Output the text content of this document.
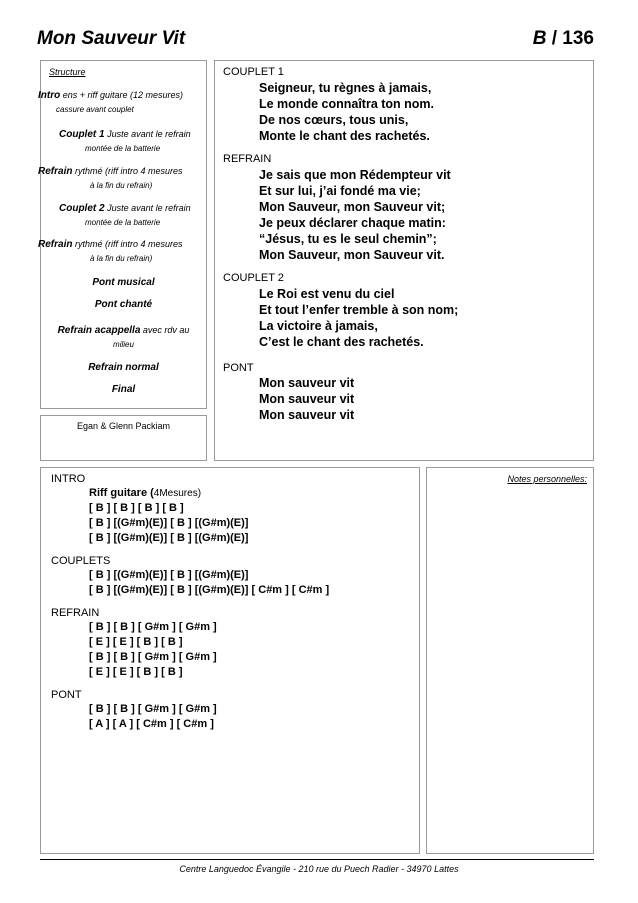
Mon Sauveur Vit	B / 136
Structure
Intro ens + riff guitare (12 mesures)
cassure avant couplet
Couplet 1 Juste avant le refrain
montée de la batterie
Refrain rythmé (riff intro 4 mesures
à la fin du refrain)
Couplet 2 Juste avant le refrain
montée de la batterie
Refrain rythmé (riff intro 4 mesures
à la fin du refrain)
Pont musical
Pont chanté
Refrain acappella avec rdv au
milieu
Refrain normal
Final
Egan & Glenn Packiam
COUPLET 1
Seigneur, tu règnes à jamais,
Le monde connaîtra ton nom.
De nos cœurs, tous unis,
Monte le chant des rachetés.
REFRAIN
Je sais que mon Rédempteur vit
Et sur lui, j’ai fondé ma vie;
Mon Sauveur, mon Sauveur vit;
Je peux déclarer chaque matin:
“Jésus, tu es le seul chemin”;
Mon Sauveur, mon Sauveur vit.
COUPLET 2
Le Roi est venu du ciel
Et tout l’enfer tremble à son nom;
La victoire à jamais,
C’est le chant des rachetés.
PONT
Mon sauveur vit
Mon sauveur vit
Mon sauveur vit
INTRO
Riff guitare (4Mesures)
[ B ] [ B ] [ B ] [ B ]
[ B ] [(G#m)(E)] [ B ] [(G#m)(E)]
[ B ] [(G#m)(E)] [ B ] [(G#m)(E)]
COUPLETS
[ B ] [(G#m)(E)] [ B ] [(G#m)(E)]
[ B ] [(G#m)(E)] [ B ] [(G#m)(E)] [ C#m ] [ C#m ]
REFRAIN
[ B ] [ B ] [ G#m ] [ G#m ]
[ E ] [ E ] [ B ] [ B ]
[ B ] [ B ] [ G#m ] [ G#m ]
[ E ] [ E ] [ B ] [ B ]
PONT
[ B ] [ B ] [ G#m ] [ G#m ]
[ A ] [ A ] [ C#m ] [ C#m ]
Notes personnelles:
Centre Languedoc Évangile - 210 rue du Puech Radier - 34970 Lattes
